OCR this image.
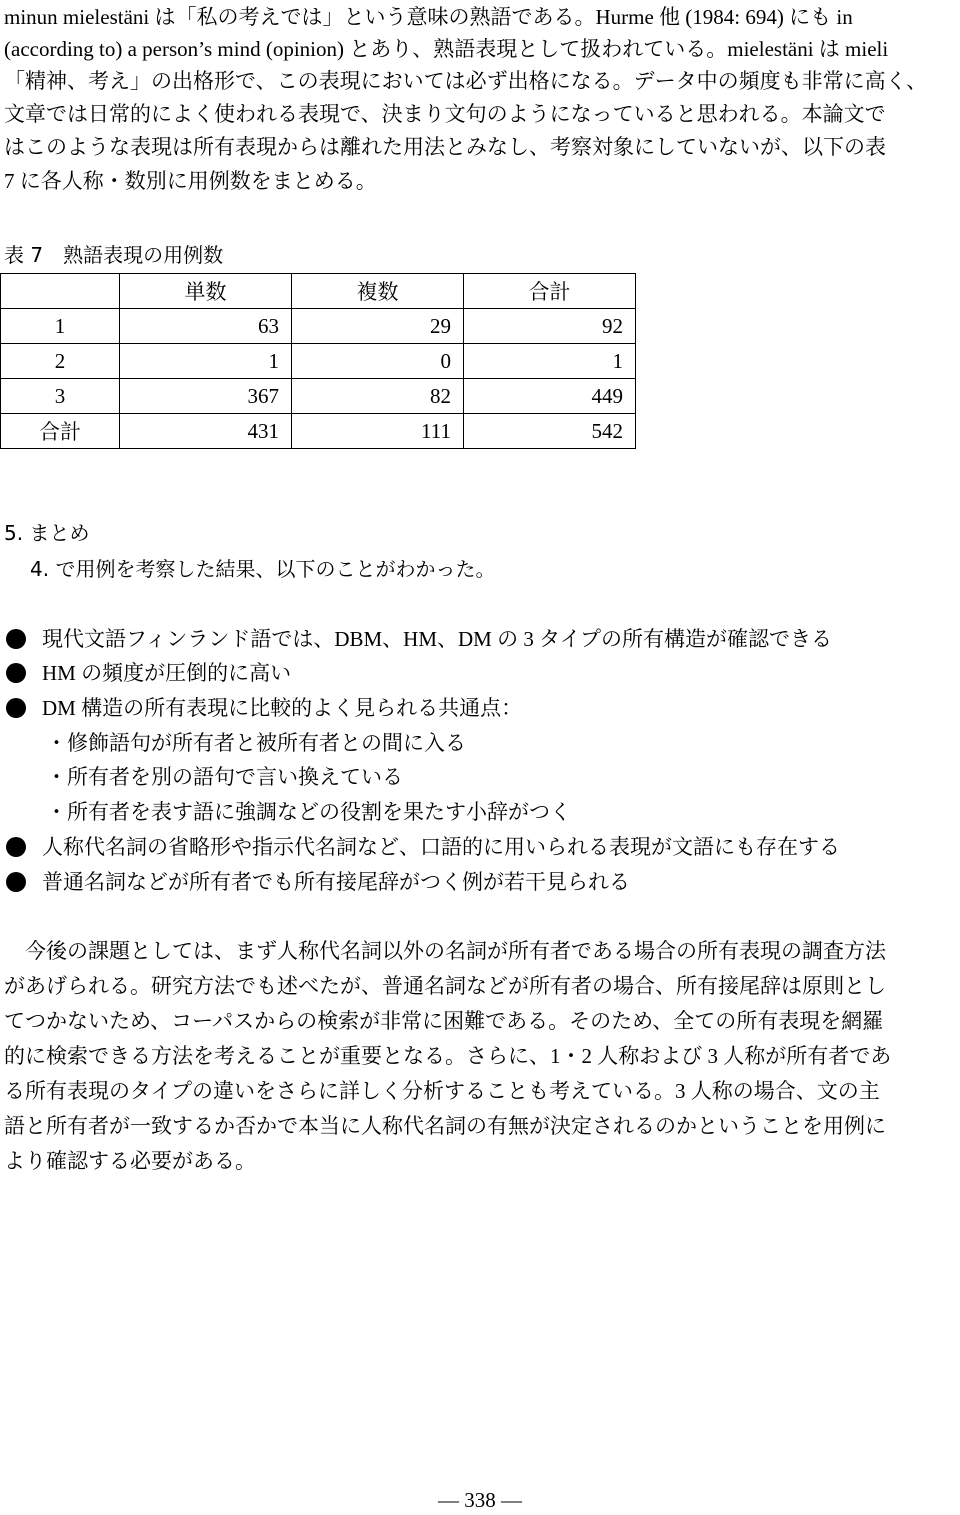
minun mielestäni は「私の考えでは」という意味の熟語である。Hurme 他 (1984: 694) にも in

(according to) a person’s mind (opinion) とあり、熟語表現として扱われている。mielestäni は mieli

「精神、考え」の出格形で、この表現においては必ず出格になる。データ中の頻度も非常に高く、

文章では日常的によく使われる表現で、決まり文句のようになっていると思われる。本論文で

はこのような表現は所有表現からは離れた用法とみなし、考察対象にしていないが、以下の表

7 に各人称・数別に用例数をまとめる。

表 7　熟語表現の用例数
	単数	複数	合計
1	63	29	92
2	1	0	1
3	367	82	449
合計	431	111	542
5. まとめ
4. で用例を考察した結果、以下のことがわかった。
現代文語フィンランド語では、DBM、HM、DM の 3 タイプの所有構造が確認できる
HM の頻度が圧倒的に高い
DM 構造の所有表現に比較的よく見られる共通点：
・修飾語句が所有者と被所有者との間に入る
・所有者を別の語句で言い換えている
・所有者を表す語に強調などの役割を果たす小辞がつく
人称代名詞の省略形や指示代名詞など、口語的に用いられる表現が文語にも存在する
普通名詞などが所有者でも所有接尾辞がつく例が若干見られる

　今後の課題としては、まず人称代名詞以外の名詞が所有者である場合の所有表現の調査方法

があげられる。研究方法でも述べたが、普通名詞などが所有者の場合、所有接尾辞は原則とし

てつかないため、コーパスからの検索が非常に困難である。そのため、全ての所有表現を網羅

的に検索できる方法を考えることが重要となる。さらに、1・2 人称および 3 人称が所有者であ

る所有表現のタイプの違いをさらに詳しく分析することも考えている。3 人称の場合、文の主

語と所有者が一致するか否かで本当に人称代名詞の有無が決定されるのかということを用例に

より確認する必要がある。

― 338 ―
